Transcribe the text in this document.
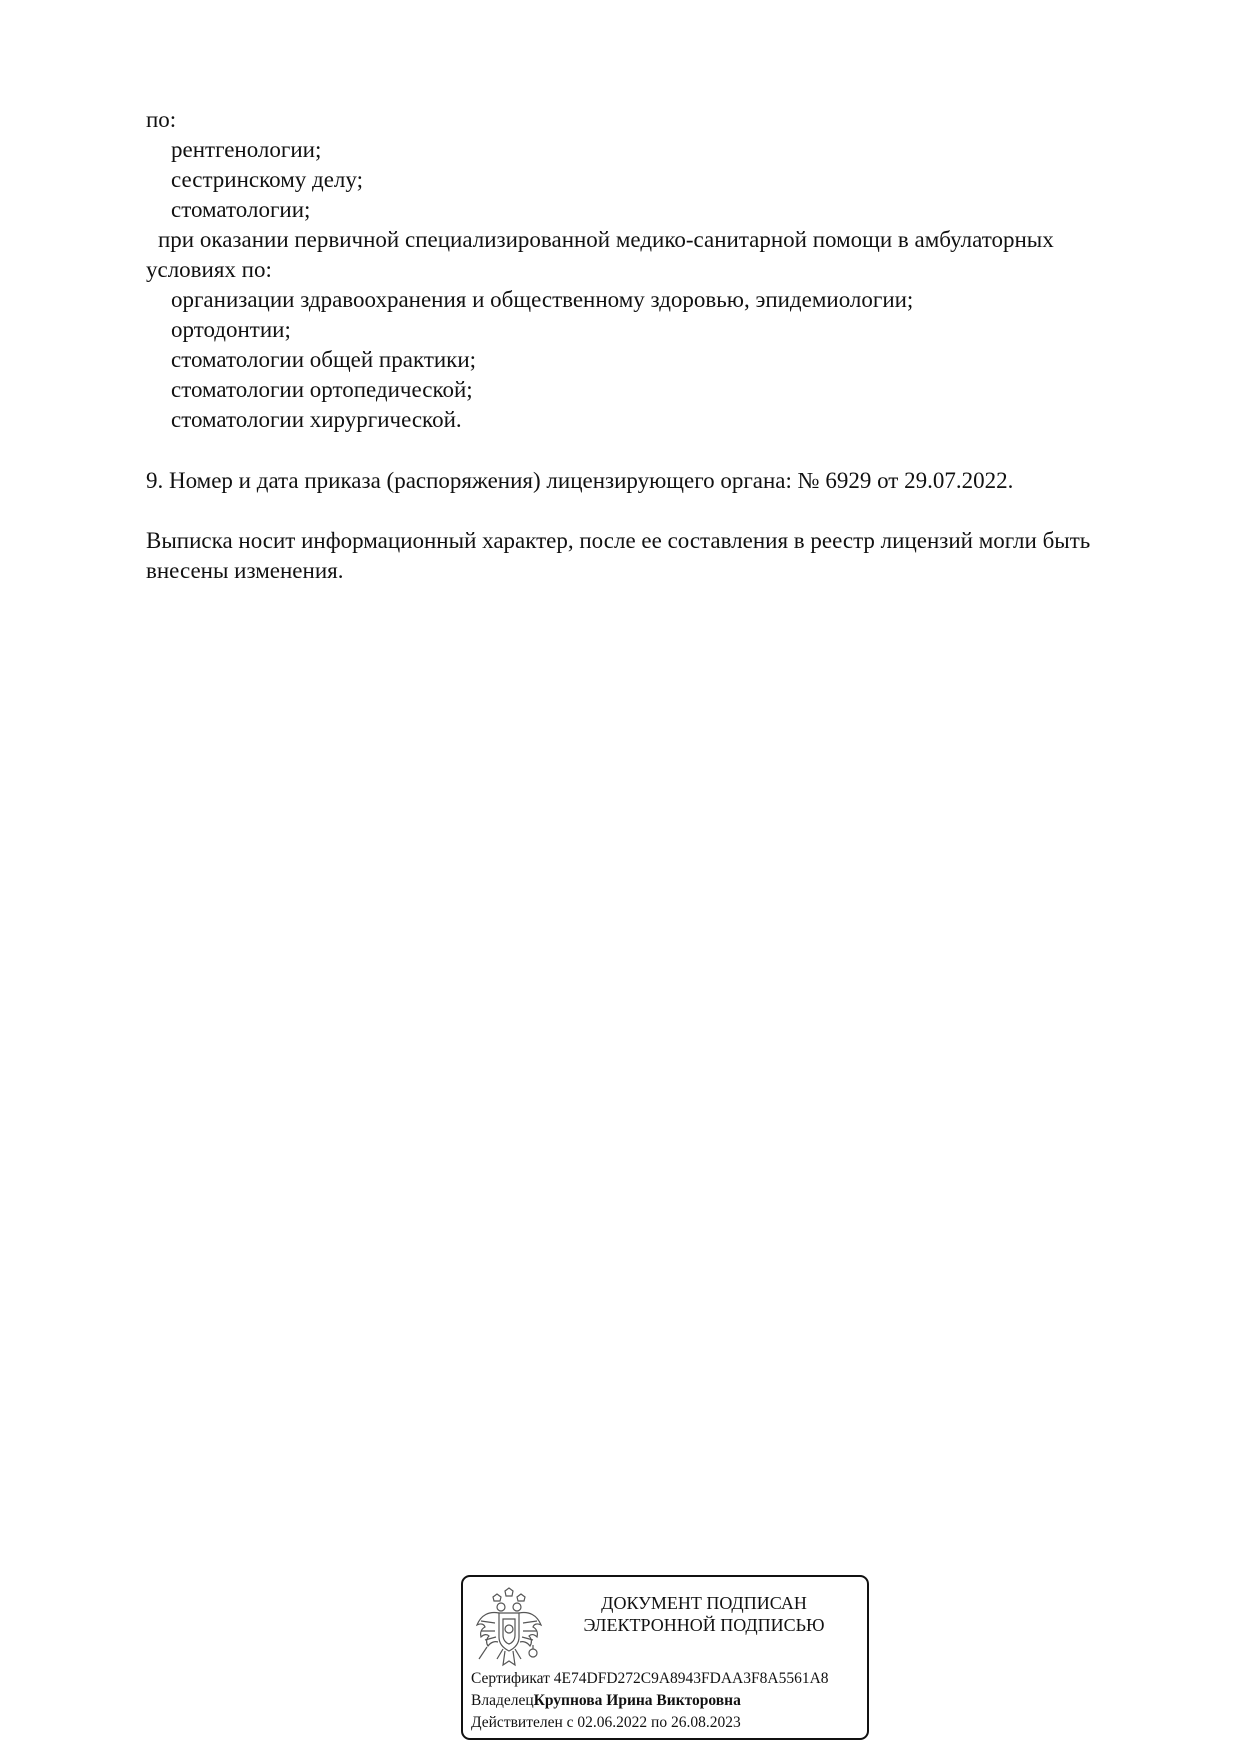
по:
рентгенологии;
сестринскому делу;
стоматологии;
при оказании первичной специализированной медико-санитарной помощи в амбулаторных
условиях по:
организации здравоохранения и общественному здоровью, эпидемиологии;
ортодонтии;
стоматологии общей практики;
стоматологии ортопедической;
стоматологии хирургической.
9. Номер и дата приказа (распоряжения) лицензирующего органа: № 6929 от 29.07.2022.
Выписка носит информационный характер, после ее составления в реестр лицензий могли быть
внесены изменения.
ДОКУМЕНТ ПОДПИСАН
ЭЛЕКТРОННОЙ ПОДПИСЬЮ
Сертификат 4E74DFD272C9A8943FDAA3F8A5561A8
ВладелецКрупнова Ирина Викторовна
Действителен с 02.06.2022 по 26.08.2023
